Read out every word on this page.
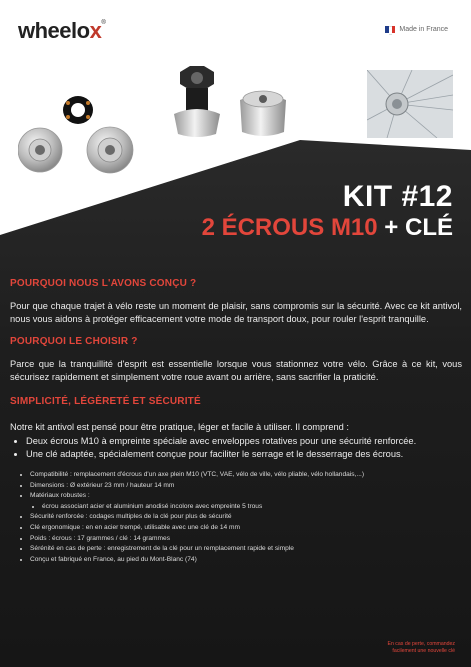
wheelox®
Made in France
KIT #12
2 ÉCROUS M10 + CLÉ
POURQUOI NOUS L'AVONS CONÇU ?

Pour que chaque trajet à vélo reste un moment de plaisir, sans compromis sur la sécurité. Avec ce kit antivol, nous vous aidons à protéger efficacement votre mode de transport doux, pour rouler l'esprit tranquille.

POURQUOI LE CHOISIR ?

Parce que la tranquillité d'esprit est essentielle lorsque vous stationnez votre vélo. Grâce à ce kit, vous sécurisez rapidement et simplement votre roue avant ou arrière, sans sacrifier la praticité.

SIMPLICITÉ, LÉGÈRETÉ ET SÉCURITÉ

Notre kit antivol est pensé pour être pratique, léger et facile à utiliser. Il comprend :

• Deux écrous M10 à empreinte spéciale avec enveloppes rotatives pour une sécurité renforcée.
• Une clé adaptée, spécialement conçue pour faciliter le serrage et le desserrage des écrous.
• Compatibilité : remplacement d'écrous d'un axe plein M10 (VTC, VAE, vélo de ville, vélo pliable, vélo hollandais,...)
• Dimensions : Ø extérieur 23 mm / hauteur 14 mm
• Matériaux robustes :
• écrou associant acier et aluminium anodisé incolore avec empreinte 5 trous
• Sécurité renforcée : codages multiples de la clé pour plus de sécurité
• Clé ergonomique : en en acier trempé, utilisable avec une clé de 14 mm
• Poids : écrous : 17 grammes / clé : 14 grammes
• Sérénité en cas de perte : enregistrement de la clé pour un remplacement rapide et simple
• Conçu et fabriqué en France, au pied du Mont-Blanc (74)
En cas de perte, commandez facilement une nouvelle clé
